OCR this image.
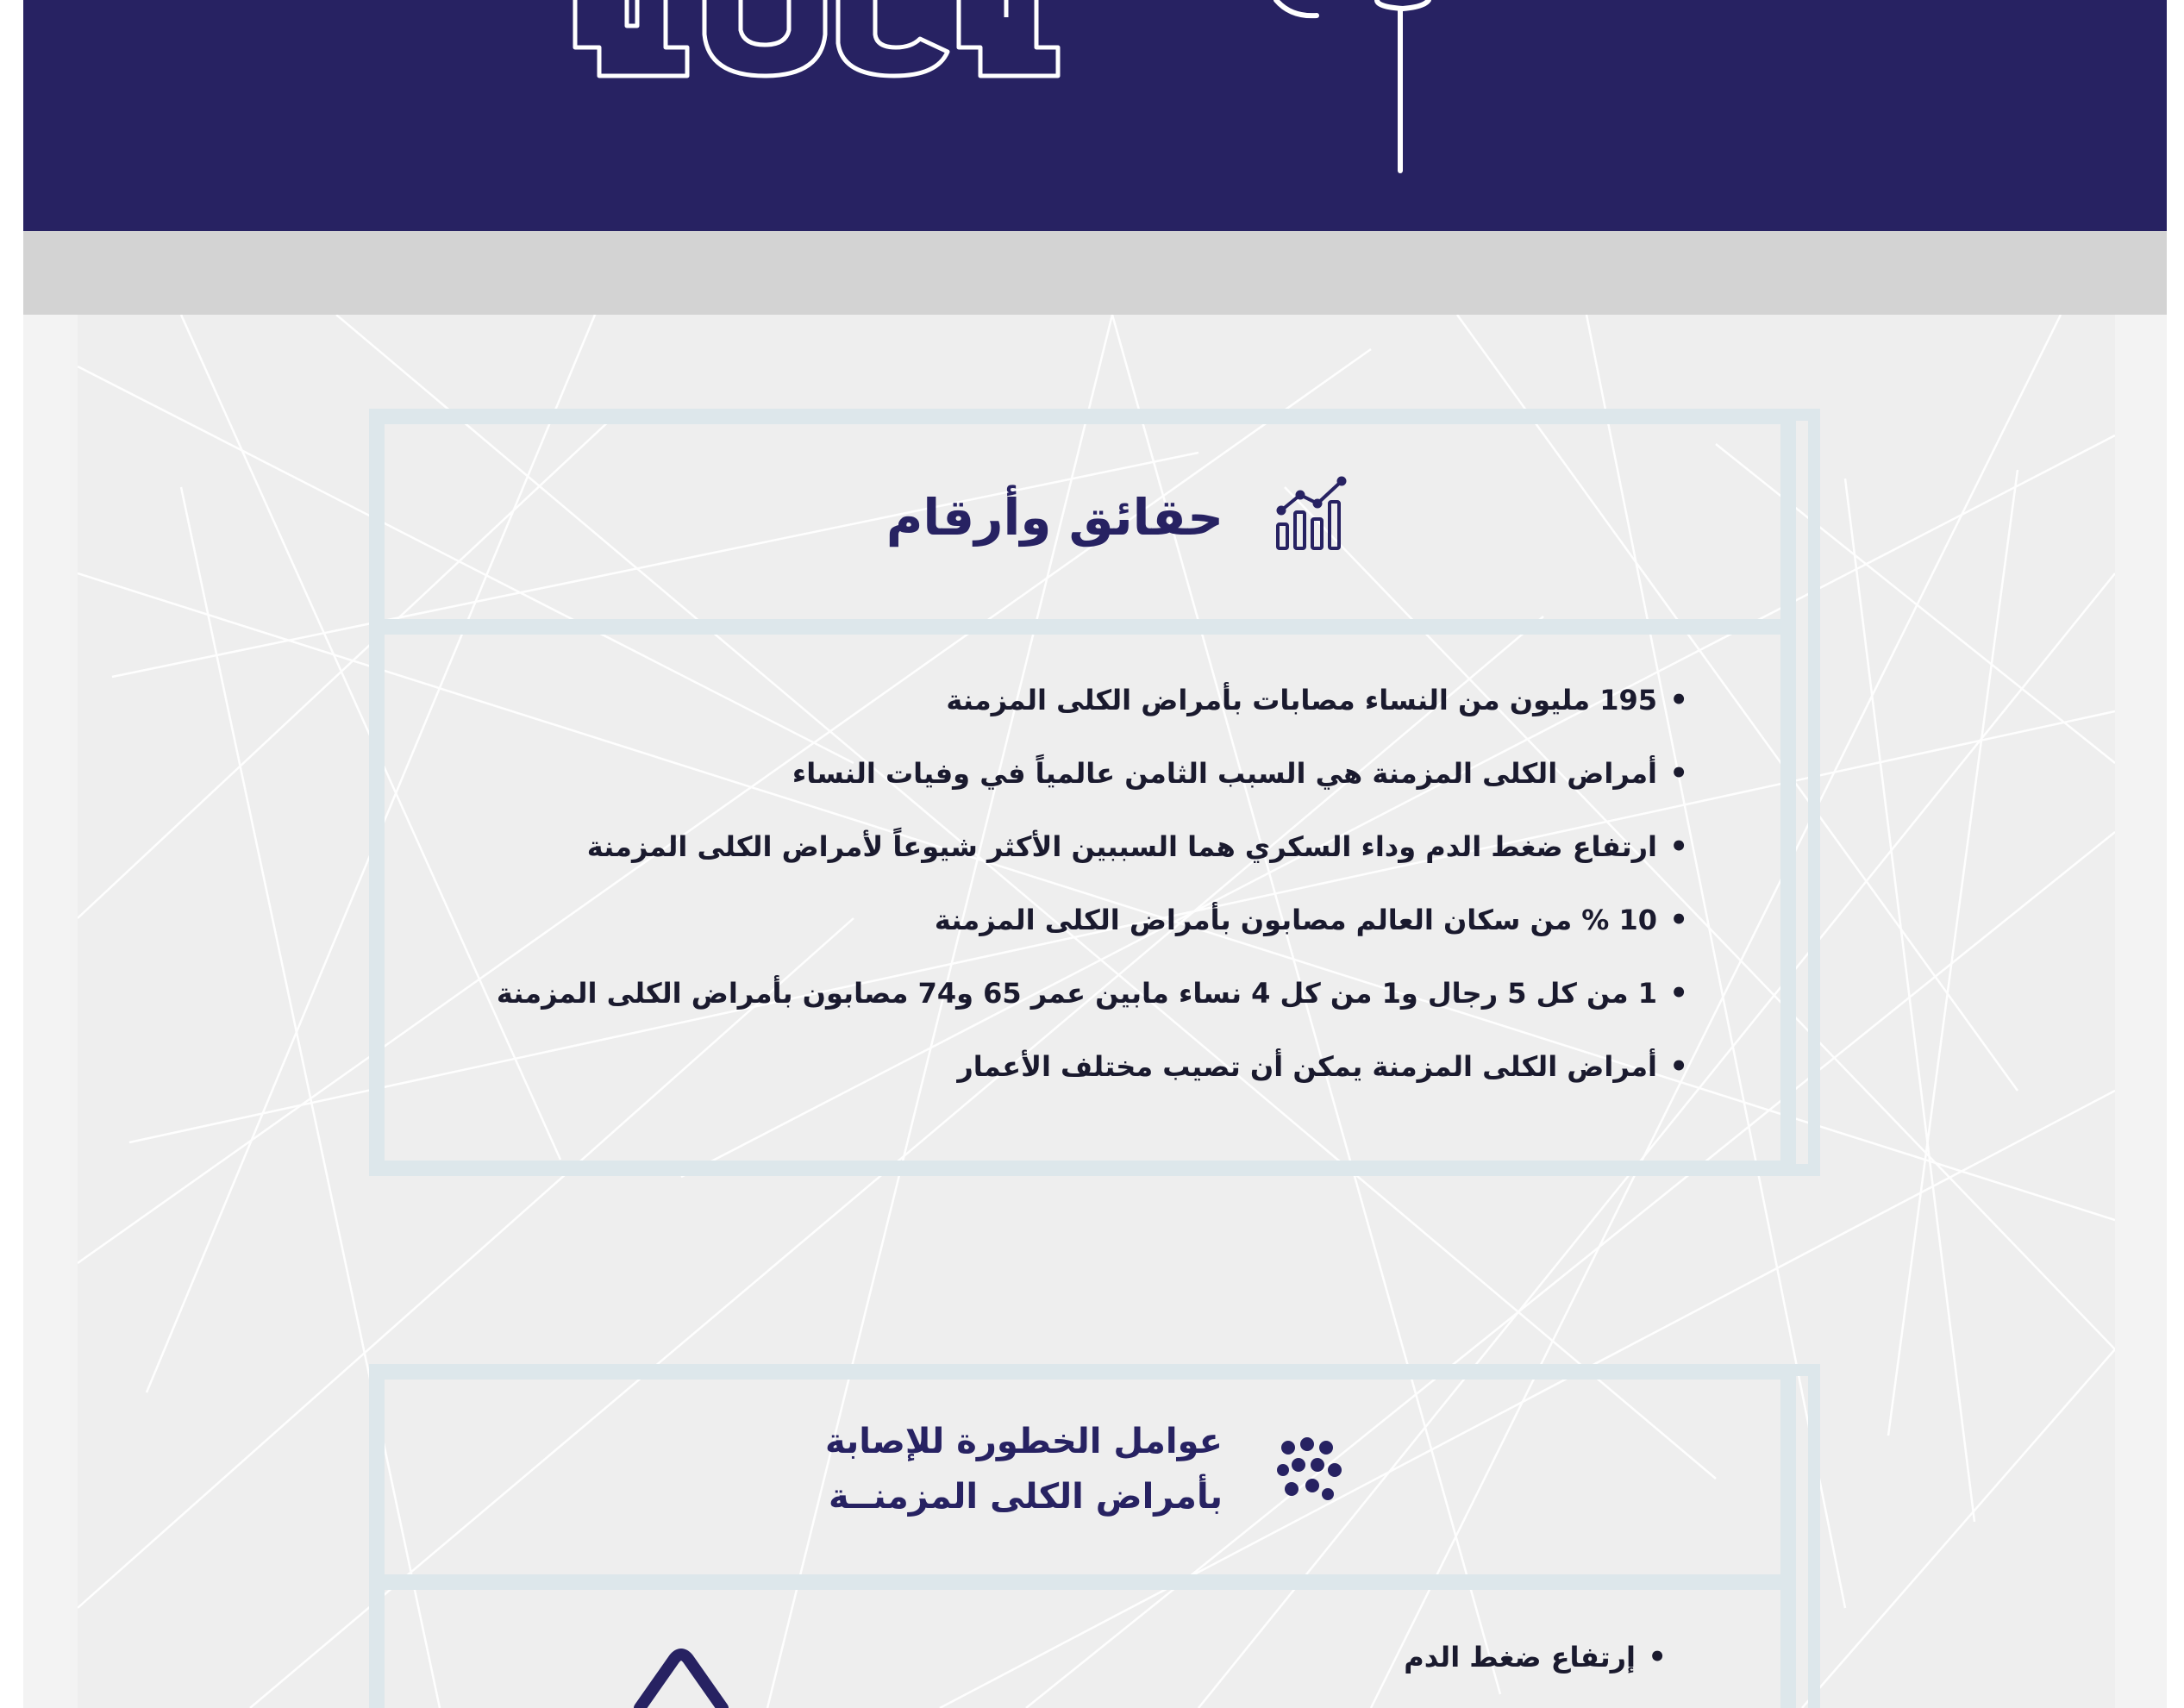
حقائق وأرقام
•
195 مليون من النساء مصابات بأمراض الكلى المزمنة
•
أمراض الكلى المزمنة هي السبب الثامن عالمياً في وفيات النساء
•
ارتفاع ضغط الدم وداء السكري هما السببين الأكثر شيوعاً لأمراض الكلى المزمنة
•
10 % من سكان العالم مصابون بأمراض الكلى المزمنة
•
1 من كل 5 رجال و1 من كل 4 نساء مابين عمر 65 و74 مصابون بأمراض الكلى المزمنة
•
أمراض الكلى المزمنة يمكن أن تصيب مختلف الأعمار
عوامل الخطورة للإصابة
بأمراض الكلى المزمنــة
•
إرتفاع ضغط الدم
